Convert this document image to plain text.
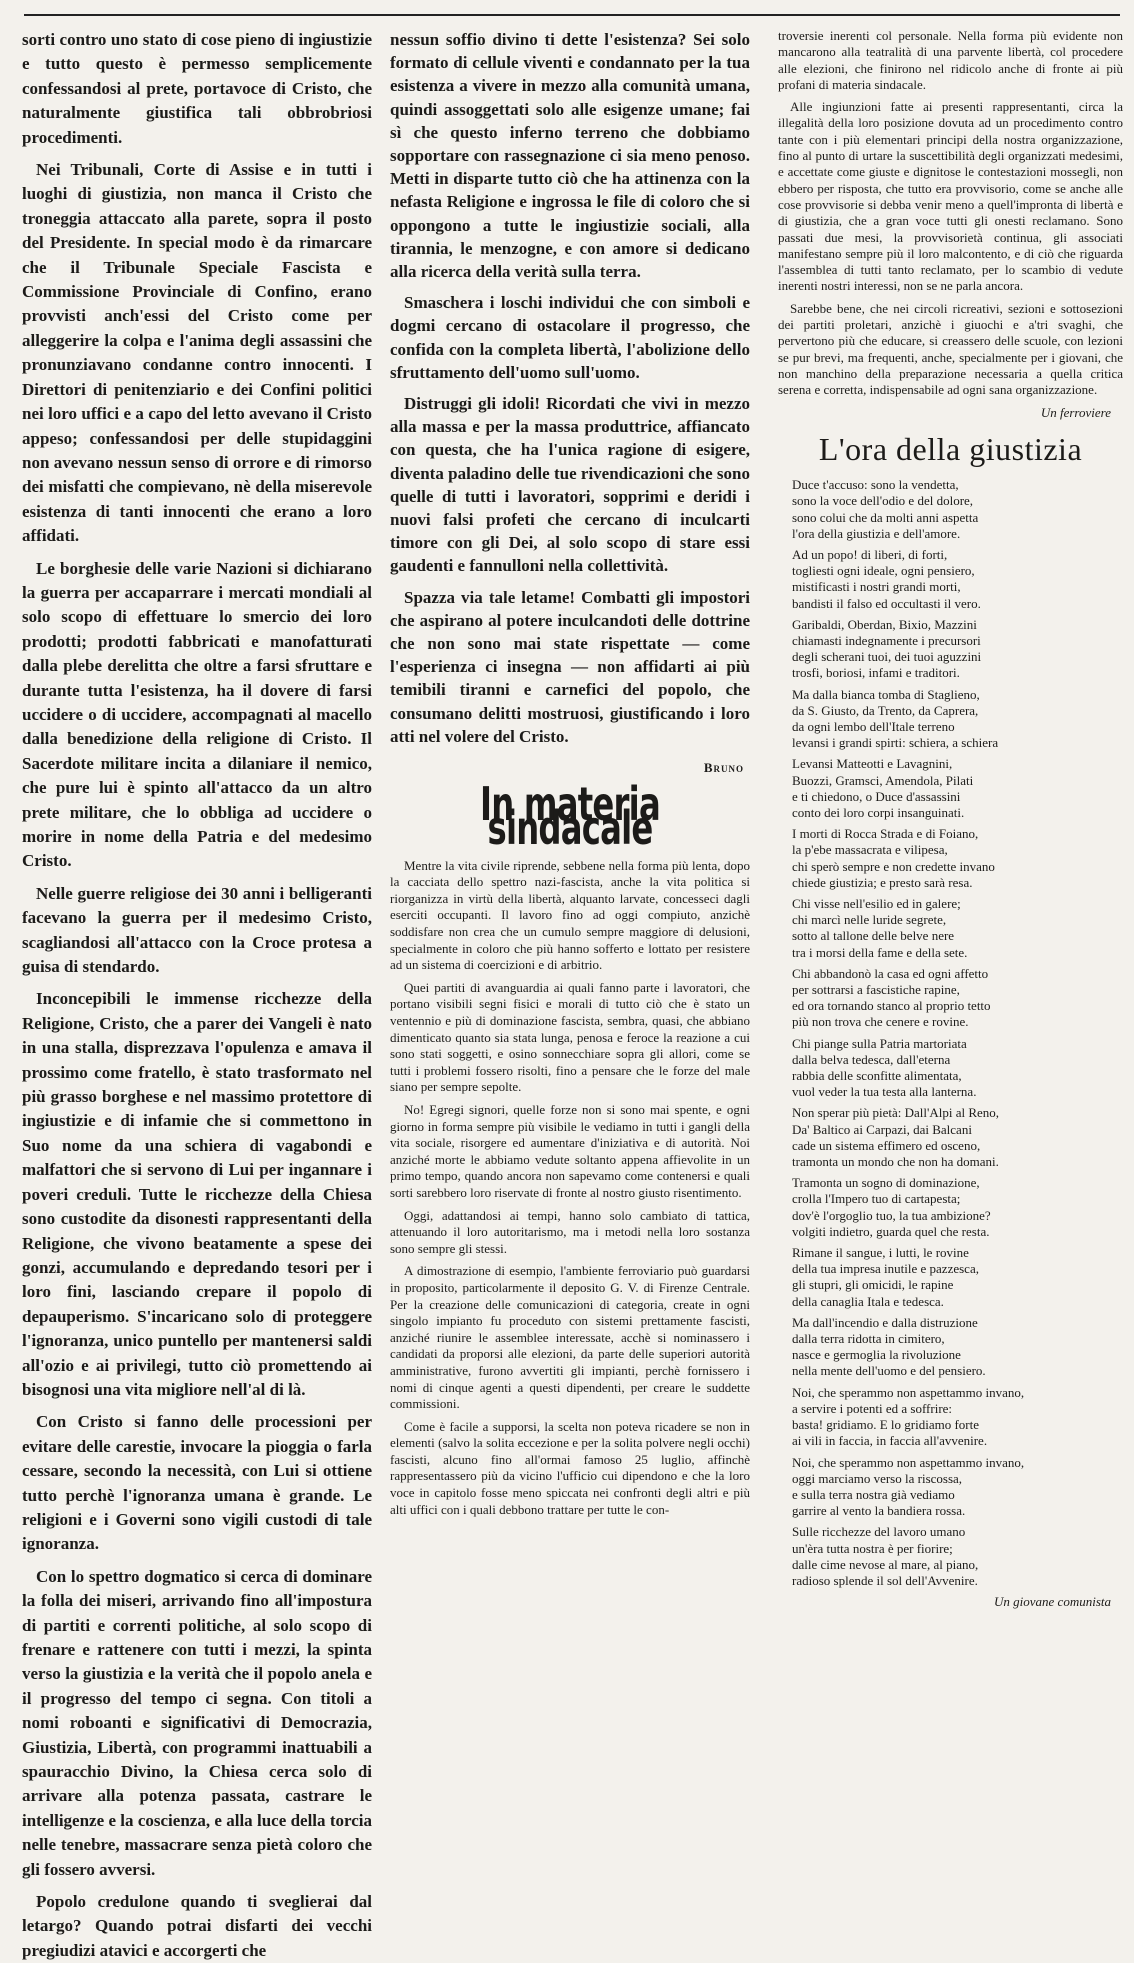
sorti contro uno stato di cose pieno di ingiustizie e tutto questo è permesso semplicemente confessandosi al prete, portavoce di Cristo, che naturalmente giustifica tali obbrobriosi procedimenti.

Nei Tribunali, Corte di Assise e in tutti i luoghi di giustizia, non manca il Cristo che troneggia attaccato alla parete, sopra il posto del Presidente. In special modo è da rimarcare che il Tribunale Speciale Fascista e Commissione Provinciale di Confino, erano provvisti anch'essi del Cristo come per alleggerire la colpa e l'anima degli assassini che pronunziavano condanne contro innocenti. I Direttori di penitenziario e dei Confini politici nei loro uffici e a capo del letto avevano il Cristo appeso; confessandosi per delle stupidaggini non avevano nessun senso di orrore e di rimorso dei misfatti che compievano, nè della miserevole esistenza di tanti innocenti che erano a loro affidati.

Le borghesie delle varie Nazioni si dichiarano la guerra per accaparrare i mercati mondiali al solo scopo di effettuare lo smercio dei loro prodotti; prodotti fabbricati e manofatturati dalla plebe derelitta che oltre a farsi sfruttare e durante tutta l'esistenza, ha il dovere di farsi uccidere o di uccidere, accompagnati al macello dalla benedizione della religione di Cristo. Il Sacerdote militare incita a dilaniare il nemico, che pure lui è spinto all'attacco da un altro prete militare, che lo obbliga ad uccidere o morire in nome della Patria e del medesimo Cristo.

Nelle guerre religiose dei 30 anni i belligeranti facevano la guerra per il medesimo Cristo, scagliandosi all'attacco con la Croce protesa a guisa di stendardo.

Inconcepibili le immense ricchezze della Religione, Cristo, che a parer dei Vangeli è nato in una stalla, disprezzava l'opulenza e amava il prossimo come fratello, è stato trasformato nel più grasso borghese e nel massimo protettore di ingiustizie e di infamie che si commettono in Suo nome da una schiera di vagabondi e malfattori che si servono di Lui per ingannare i poveri creduli. Tutte le ricchezze della Chiesa sono custodite da disonesti rappresentanti della Religione, che vivono beatamente a spese dei gonzi, accumulando e depredando tesori per i loro fini, lasciando crepare il popolo di depauperismo. S'incaricano solo di proteggere l'ignoranza, unico puntello per mantenersi saldi all'ozio e ai privilegi, tutto ciò promettendo ai bisognosi una vita migliore nell'al di là.

Con Cristo si fanno delle processioni per evitare delle carestie, invocare la pioggia o farla cessare, secondo la necessità, con Lui si ottiene tutto perchè l'ignoranza umana è grande. Le religioni e i Governi sono vigili custodi di tale ignoranza.

Con lo spettro dogmatico si cerca di dominare la folla dei miseri, arrivando fino all'impostura di partiti e correnti politiche, al solo scopo di frenare e rattenere con tutti i mezzi, la spinta verso la giustizia e la verità che il popolo anela e il progresso del tempo ci segna. Con titoli a nomi roboanti e significativi di Democrazia, Giustizia, Libertà, con programmi inattuabili a spauracchio Divino, la Chiesa cerca solo di arrivare alla potenza passata, castrare le intelligenze e la coscienza, e alla luce della torcia nelle tenebre, massacrare senza pietà coloro che gli fossero avversi.

Popolo credulone quando ti sveglierai dal letargo? Quando potrai disfarti dei vecchi pregiudizi atavici e accorgerti che

nessun soffio divino ti dette l'esistenza? Sei solo formato di cellule viventi e condannato per la tua esistenza a vivere in mezzo alla comunità umana, quindi assoggettati solo alle esigenze umane; fai sì che questo inferno terreno che dobbiamo sopportare con rassegnazione ci sia meno penoso. Metti in disparte tutto ciò che ha attinenza con la nefasta Religione e ingrossa le file di coloro che si oppongono a tutte le ingiustizie sociali, alla tirannia, le menzogne, e con amore si dedicano alla ricerca della verità sulla terra.

Smaschera i loschi individui che con simboli e dogmi cercano di ostacolare il progresso, che confida con la completa libertà, l'abolizione dello sfruttamento dell'uomo sull'uomo.

Distruggi gli idoli! Ricordati che vivi in mezzo alla massa e per la massa produttrice, affiancato con questa, che ha l'unica ragione di esigere, diventa paladino delle tue rivendicazioni che sono quelle di tutti i lavoratori, sopprimi e deridi i nuovi falsi profeti che cercano di inculcarti timore con gli Dei, al solo scopo di stare essi gaudenti e fannulloni nella collettività.

Spazza via tale letame! Combatti gli impostori che aspirano al potere inculcandoti delle dottrine che non sono mai state rispettate — come l'esperienza ci insegna — non affidarti ai più temibili tiranni e carnefici del popolo, che consumano delitti mostruosi, giustificando i loro atti nel volere del Cristo.

Bruno
In materia sindacale

Mentre la vita civile riprende, sebbene nella forma più lenta, dopo la cacciata dello spettro nazi-fascista, anche la vita politica si riorganizza in virtù della libertà, alquanto larvate, concesseci dagli eserciti occupanti. Il lavoro fino ad oggi compiuto, anzichè soddisfare non crea che un cumulo sempre maggiore di delusioni, specialmente in coloro che più hanno sofferto e lottato per resistere ad un sistema di coercizioni e di arbitrio.

Quei partiti di avanguardia ai quali fanno parte i lavoratori, che portano visibili segni fisici e morali di tutto ciò che è stato un ventennio e più di dominazione fascista, sembra, quasi, che abbiano dimenticato quanto sia stata lunga, penosa e feroce la reazione a cui sono stati soggetti, e osino sonnecchiare sopra gli allori, come se tutti i problemi fossero risolti, fino a pensare che le forze del male siano per sempre sepolte.

No! Egregi signori, quelle forze non si sono mai spente, e ogni giorno in forma sempre più visibile le vediamo in tutti i gangli della vita sociale, risorgere ed aumentare d'iniziativa e di autorità. Noi anziché morte le abbiamo vedute soltanto appena affievolite in un primo tempo, quando ancora non sapevamo come contenersi e quali sorti sarebbero loro riservate di fronte al nostro giusto risentimento.

Oggi, adattandosi ai tempi, hanno solo cambiato di tattica, attenuando il loro autoritarismo, ma i metodi nella loro sostanza sono sempre gli stessi.

A dimostrazione di esempio, l'ambiente ferroviario può guardarsi in proposito, particolarmente il deposito G. V. di Firenze Centrale. Per la creazione delle comunicazioni di categoria, create in ogni singolo impianto fu proceduto con sistemi prettamente fascisti, anziché riunire le assemblee interessate, acchè si nominassero i candidati da proporsi alle elezioni, da parte delle superiori autorità amministrative, furono avvertiti gli impianti, perchè fornissero i nomi di cinque agenti a questi dipendenti, per creare le suddette commissioni.

Come è facile a supporsi, la scelta non poteva ricadere se non in elementi (salvo la solita eccezione e per la solita polvere negli occhi) fascisti, alcuno fino all'ormai famoso 25 luglio, affinchè rappresentassero più da vicino l'ufficio cui dipendono e che la loro voce in capitolo fosse meno spiccata nei confronti degli altri e più alti uffici con i quali debbono trattare per tutte le con-

troversie inerenti col personale. Nella forma più evidente non mancarono alla teatralità di una parvente libertà, col procedere alle elezioni, che finirono nel ridicolo anche di fronte ai più profani di materia sindacale.

Alle ingiunzioni fatte ai presenti rappresentanti, circa la illegalità della loro posizione dovuta ad un procedimento contro tante con i più elementari principi della nostra organizzazione, fino al punto di urtare la suscettibilità degli organizzati medesimi, e accettate come giuste e dignitose le contestazioni mossegli, non ebbero per risposta, che tutto era provvisorio, come se anche alle cose provvisorie si debba venir meno a quell'impronta di libertà e di giustizia, che a gran voce tutti gli onesti reclamano. Sono passati due mesi, la provvisorietà continua, gli associati manifestano sempre più il loro malcontento, e di ciò che riguarda l'assemblea di tutti tanto reclamato, per lo scambio di vedute inerenti nostri interessi, non se ne parla ancora.

Sarebbe bene, che nei circoli ricreativi, sezioni e sottosezioni dei partiti proletari, anzichè i giuochi e a'tri svaghi, che pervertono più che educare, si creassero delle scuole, con lezioni se pur brevi, ma frequenti, anche, specialmente per i giovani, che non manchino della preparazione necessaria a quella critica serena e corretta, indispensabile ad ogni sana organizzazione.

Un ferroviere
L'ora della giustizia
Duce t'accuso: sono la vendetta,
sono la voce dell'odio e del dolore,
sono colui che da molti anni aspetta
l'ora della giustizia e dell'amore.
Ad un popo! di liberi, di forti,
togliesti ogni ideale, ogni pensiero,
mistificasti i nostri grandi morti,
bandisti il falso ed occultasti il vero.
Garibaldi, Oberdan, Bixio, Mazzini
chiamasti indegnamente i precursori
degli scherani tuoi, dei tuoi aguzzini
trosfi, boriosi, infami e traditori.
Ma dalla bianca tomba di Staglieno,
da S. Giusto, da Trento, da Caprera,
da ogni lembo dell'Itale terreno
levansi i grandi spirti: schiera, a schiera
Levansi Matteotti e Lavagnini,
Buozzi, Gramsci, Amendola, Pilati
e ti chiedono, o Duce d'assassini
conto dei loro corpi insanguinati.
I morti di Rocca Strada e di Foiano,
la p'ebe massacrata e vilipesa,
chi sperò sempre e non credette invano
chiede giustizia; e presto sarà resa.
Chi visse nell'esilio ed in galere;
chi marcì nelle luride segrete,
sotto al tallone delle belve nere
tra i morsi della fame e della sete.
Chi abbandonò la casa ed ogni affetto
per sottrarsi a fascistiche rapine,
ed ora tornando stanco al proprio tetto
più non trova che cenere e rovine.
Chi piange sulla Patria martoriata
dalla belva tedesca, dall'eterna
rabbia delle sconfitte alimentata,
vuol veder la tua testa alla lanterna.
Non sperar più pietà: Dall'Alpi al Reno,
Da' Baltico ai Carpazi, dai Balcani
cade un sistema effimero ed osceno,
tramonta un mondo che non ha domani.
Tramonta un sogno di dominazione,
crolla l'Impero tuo di cartapesta;
dov'è l'orgoglio tuo, la tua ambizione?
volgiti indietro, guarda quel che resta.
Rimane il sangue, i lutti, le rovine
della tua impresa inutile e pazzesca,
gli stupri, gli omicidi, le rapine
della canaglia Itala e tedesca.
Ma dall'incendio e dalla distruzione
dalla terra ridotta in cimitero,
nasce e germoglia la rivoluzione
nella mente dell'uomo e del pensiero.
Noi, che sperammo non aspettammo invano,
a servire i potenti ed a soffrire:
basta! gridiamo. E lo gridiamo forte
ai vili in faccia, in faccia all'avvenire.
Noi, che sperammo non aspettammo invano,
oggi marciamo verso la riscossa,
e sulla terra nostra già vediamo
garrire al vento la bandiera rossa.
Sulle ricchezze del lavoro umano
un'èra tutta nostra è per fiorire;
dalle cime nevose al mare, al piano,
radioso splende il sol dell'Avvenire.
Un giovane comunista
